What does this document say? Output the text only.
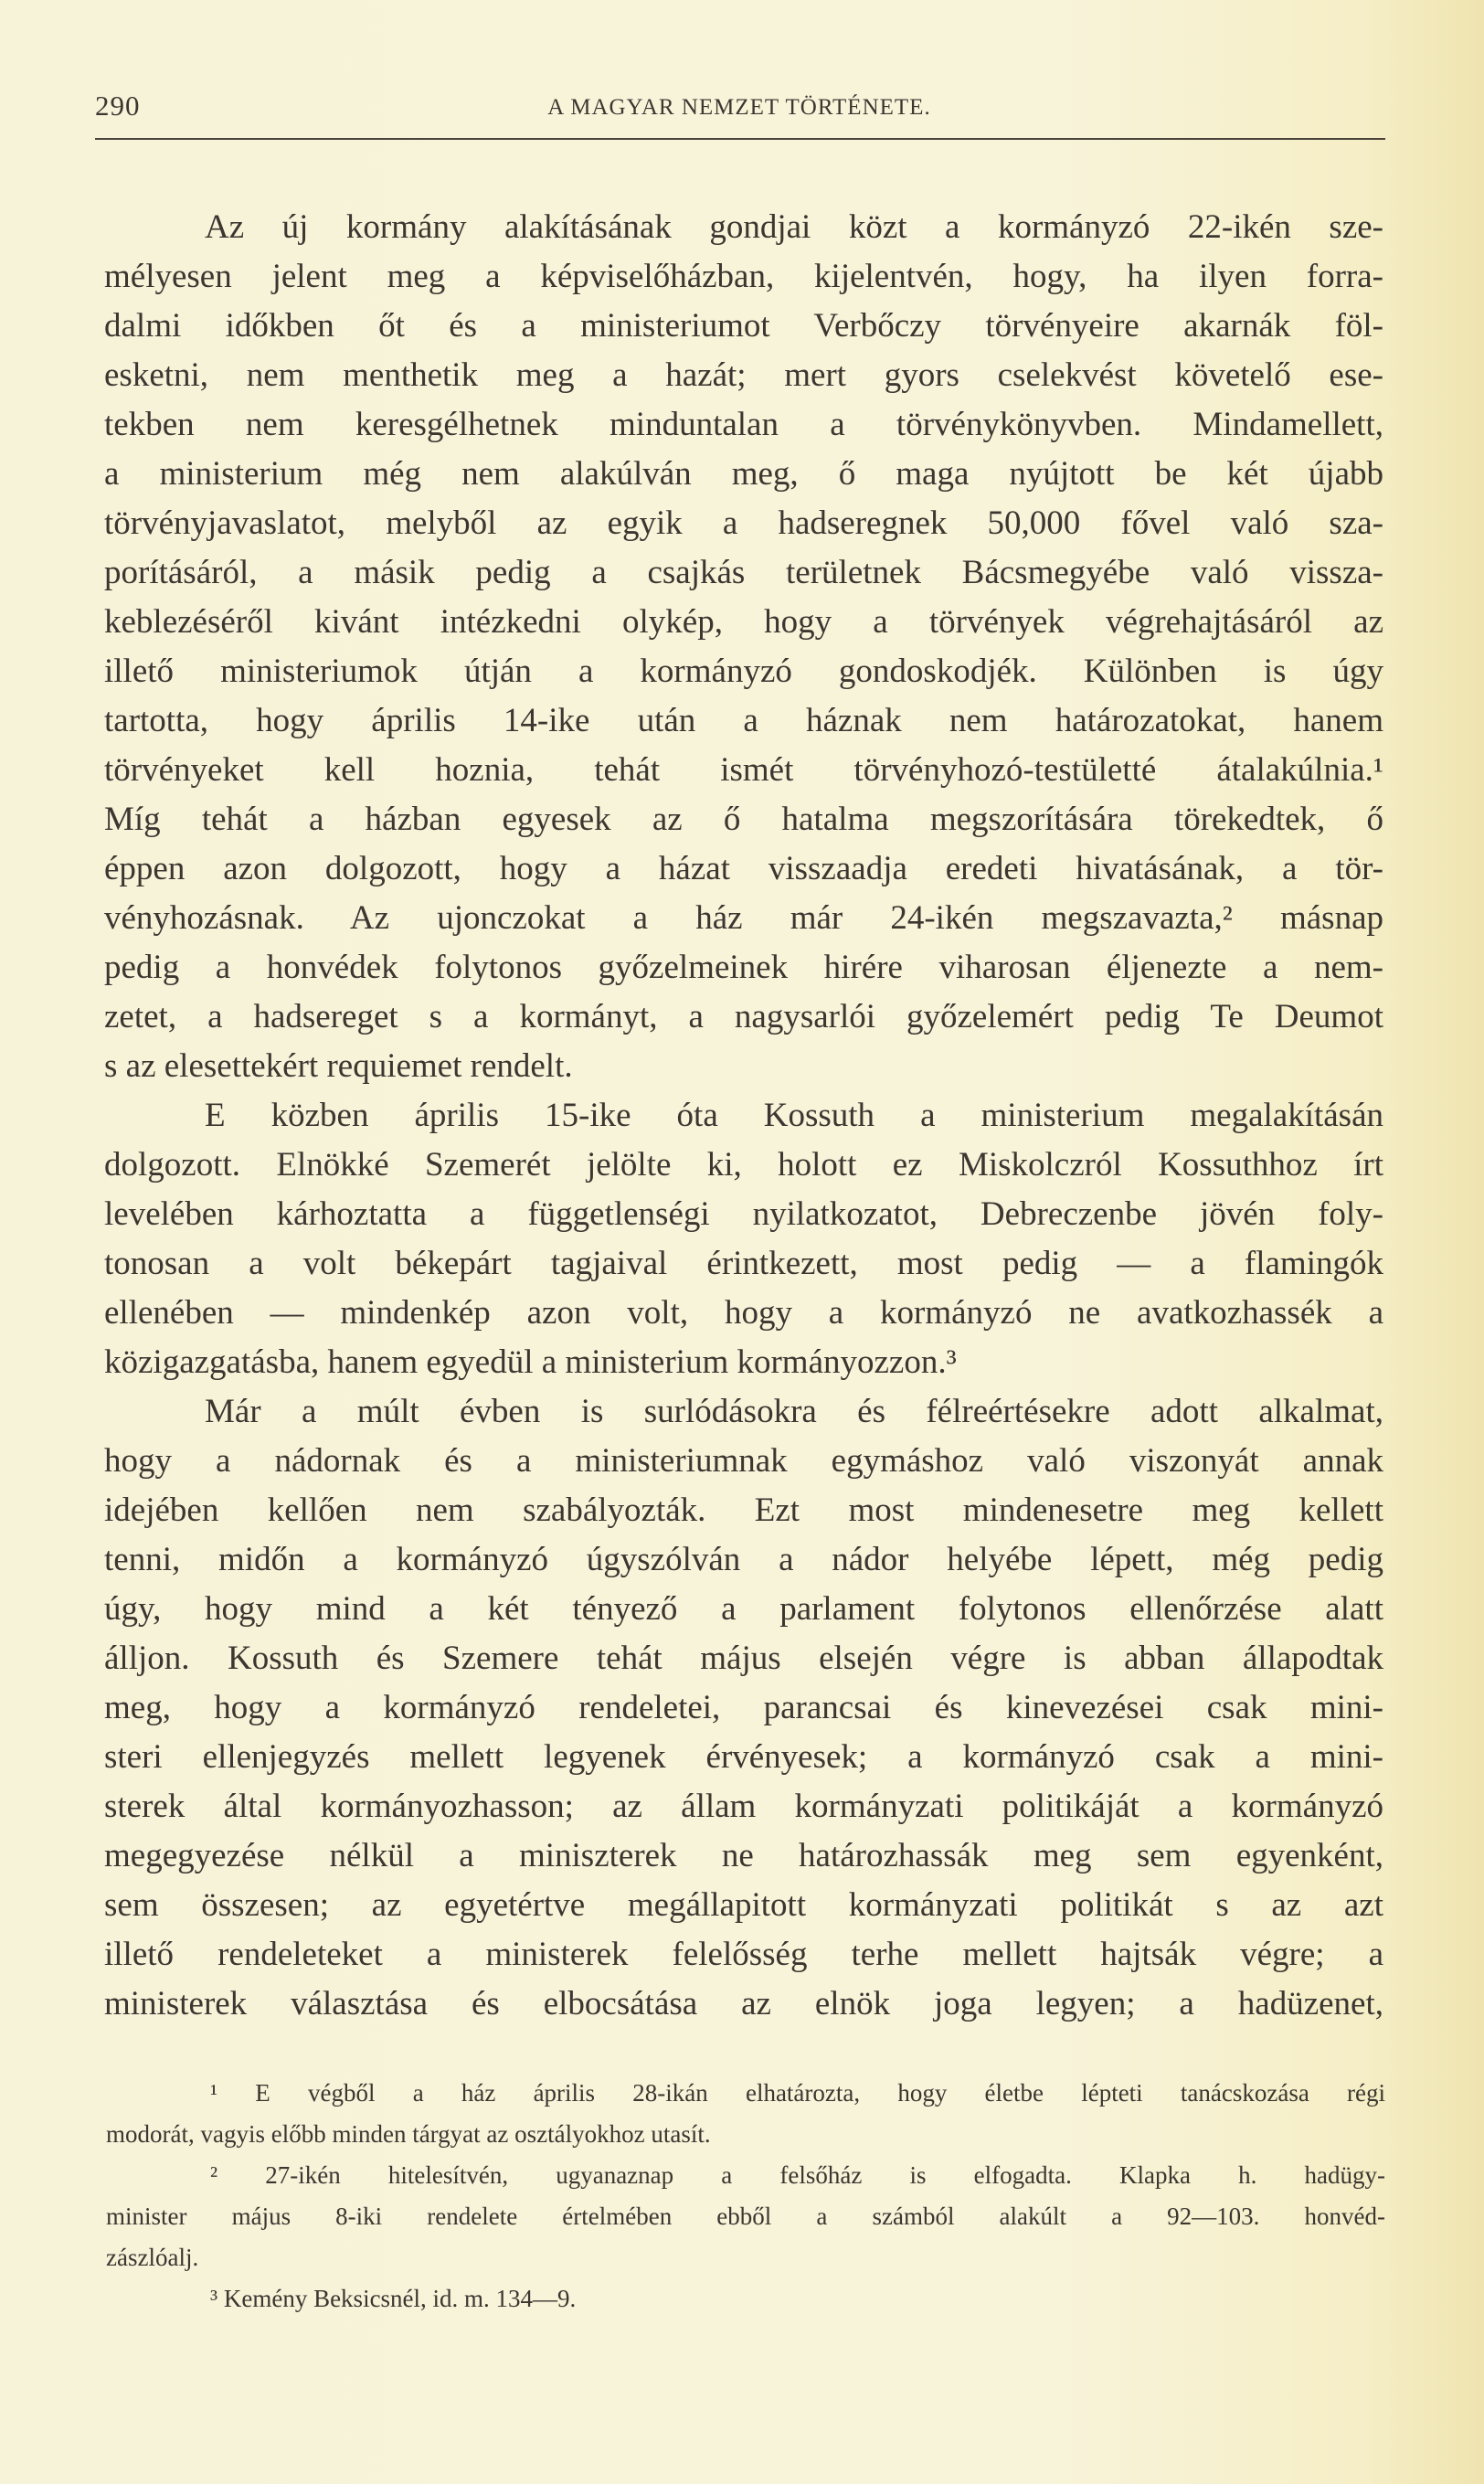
290	A MAGYAR NEMZET TÖRTÉNETE.
Az új kormány alakításának gondjai közt a kormányzó 22-ikén sze-
mélyesen jelent meg a képviselőházban, kijelentvén, hogy, ha ilyen forra-
dalmi időkben őt és a ministeriumot Verbőczy törvényeire akarnák föl-
esketni, nem menthetik meg a hazát; mert gyors cselekvést követelő ese-
tekben nem keresgélhetnek minduntalan a törvénykönyvben. Mindamellett,
a ministerium még nem alakúlván meg, ő maga nyújtott be két újabb
törvényjavaslatot, melyből az egyik a hadseregnek 50,000 fővel való sza-
porításáról, a másik pedig a csajkás területnek Bácsmegyébe való vissza-
keblezéséről kivánt intézkedni olykép, hogy a törvények végrehajtásáról az
illető ministeriumok útján a kormányzó gondoskodjék. Különben is úgy
tartotta, hogy április 14-ike után a háznak nem határozatokat, hanem
törvényeket kell hoznia, tehát ismét törvényhozó-testületté átalakúlnia.¹
Míg tehát a házban egyesek az ő hatalma megszorítására törekedtek, ő
éppen azon dolgozott, hogy a házat visszaadja eredeti hivatásának, a tör-
vényhozásnak. Az ujonczokat a ház már 24-ikén megszavazta,² másnap
pedig a honvédek folytonos győzelmeinek hirére viharosan éljenezte a nem-
zetet, a hadsereget s a kormányt, a nagysarlói győzelemért pedig Te Deumot
s az elesettekért requiemet rendelt.
E közben április 15-ike óta Kossuth a ministerium megalakításán
dolgozott. Elnökké Szemerét jelölte ki, holott ez Miskolczról Kossuthhoz írt
levelében kárhoztatta a függetlenségi nyilatkozatot, Debreczenbe jövén foly-
tonosan a volt békepárt tagjaival érintkezett, most pedig — a flamingók
ellenében — mindenkép azon volt, hogy a kormányzó ne avatkozhassék a
közigazgatásba, hanem egyedül a ministerium kormányozzon.³
Már a múlt évben is surlódásokra és félreértésekre adott alkalmat,
hogy a nádornak és a ministeriumnak egymáshoz való viszonyát annak
idejében kellően nem szabályozták. Ezt most mindenesetre meg kellett
tenni, midőn a kormányzó úgyszólván a nádor helyébe lépett, még pedig
úgy, hogy mind a két tényező a parlament folytonos ellenőrzése alatt
álljon. Kossuth és Szemere tehát május elsején végre is abban állapodtak
meg, hogy a kormányzó rendeletei, parancsai és kinevezései csak mini-
steri ellenjegyzés mellett legyenek érvényesek; a kormányzó csak a mini-
sterek által kormányozhasson; az állam kormányzati politikáját a kormányzó
megegyezése nélkül a miniszterek ne határozhassák meg sem egyenként,
sem összesen; az egyetértve megállapitott kormányzati politikát s az azt
illető rendeleteket a ministerek felelősség terhe mellett hajtsák végre; a
ministerek választása és elbocsátása az elnök joga legyen; a hadüzenet,
¹ E végből a ház április 28-ikán elhatározta, hogy életbe lépteti tanácskozása régi
modorát, vagyis előbb minden tárgyat az osztályokhoz utasít.
² 27-ikén hitelesítvén, ugyanaznap a felsőház is elfogadta. Klapka h. hadügy-
minister május 8-iki rendelete értelmében ebből a számból alakúlt a 92—103. honvéd-
zászlóalj.
³ Kemény Beksicsnél, id. m. 134—9.
